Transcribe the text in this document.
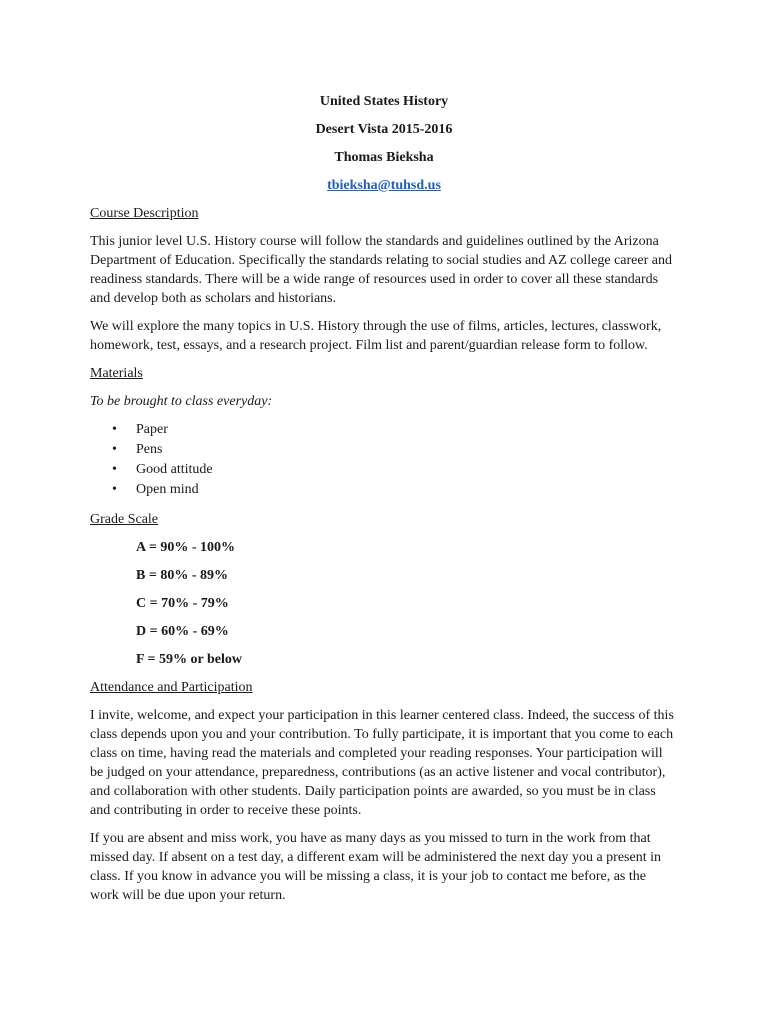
United States History
Desert Vista 2015-2016
Thomas Bieksha
tbieksha@tuhsd.us
Course Description

This junior level U.S. History course will follow the standards and guidelines outlined by the Arizona Department of Education. Specifically the standards relating to social studies and AZ college career and readiness standards. There will be a wide range of resources used in order to cover all these standards and develop both as scholars and historians.

We will explore the many topics in U.S. History through the use of films, articles, lectures, classwork, homework, test, essays, and a research project. Film list and parent/guardian release form to follow.

Materials
To be brought to class everyday:
• Paper
• Pens
• Good attitude
• Open mind
Grade Scale
A = 90% - 100%
B = 80% - 89%
C = 70% - 79%
D = 60% - 69%
F = 59% or below
Attendance and Participation

I invite, welcome, and expect your participation in this learner centered class. Indeed, the success of this class depends upon you and your contribution. To fully participate, it is important that you come to each class on time, having read the materials and completed your reading responses. Your participation will be judged on your attendance, preparedness, contributions (as an active listener and vocal contributor), and collaboration with other students. Daily participation points are awarded, so you must be in class and contributing in order to receive these points.

If you are absent and miss work, you have as many days as you missed to turn in the work from that missed day. If absent on a test day, a different exam will be administered the next day you a present in class. If you know in advance you will be missing a class, it is your job to contact me before, as the work will be due upon your return.
